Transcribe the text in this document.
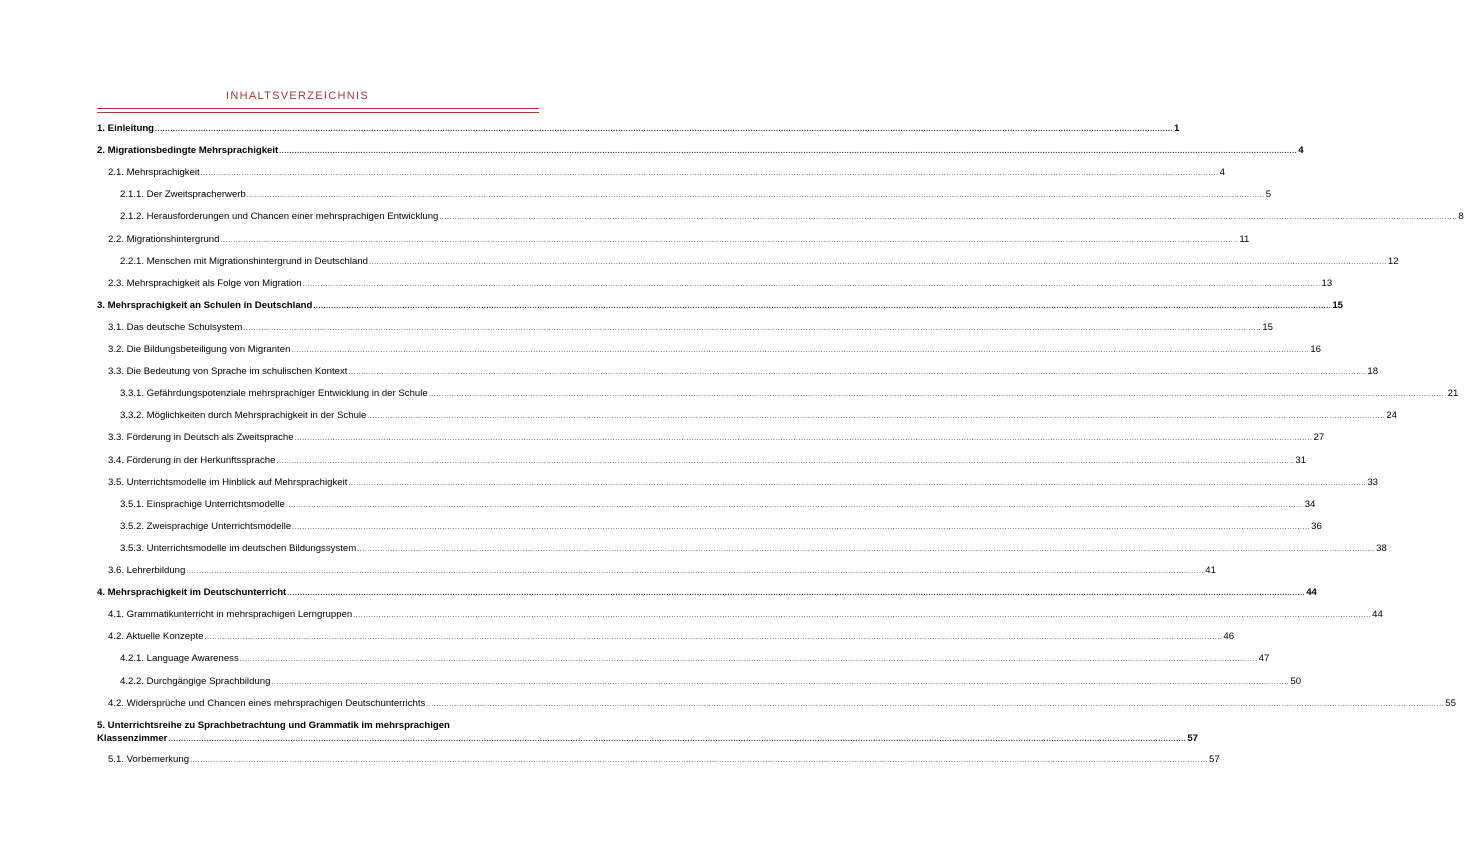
INHALTSVERZEICHNIS
1. Einleitung ................................................................................................................................................................................................................................................................................................................................................................................................................ 1
2. Migrationsbedingte Mehrsprachigkeit ................................................................................................................................................................................................................................................................................................................................................................................................................ 4
2.1. Mehrsprachigkeit ................................................................................................................................................................................................................................................................................................................................................................................................................ 4
2.1.1. Der Zweitspracherwerb ................................................................................................................................................................................................................................................................................................................................................................................................................ 5
2.1.2. Herausforderungen und Chancen einer mehrsprachigen Entwicklung ................................................................................................................................................................................................................................................................................................................................................................................................................ 8
2.2. Migrationshintergrund ................................................................................................................................................................................................................................................................................................................................................................................................................ 11
2.2.1. Menschen mit Migrationshintergrund in Deutschland ................................................................................................................................................................................................................................................................................................................................................................................................................ 12
2.3. Mehrsprachigkeit als Folge von Migration ................................................................................................................................................................................................................................................................................................................................................................................................................ 13
3. Mehrsprachigkeit an Schulen in Deutschland ................................................................................................................................................................................................................................................................................................................................................................................................................ 15
3.1. Das deutsche Schulsystem ................................................................................................................................................................................................................................................................................................................................................................................................................ 15
3.2. Die Bildungsbeteiligung von Migranten ................................................................................................................................................................................................................................................................................................................................................................................................................ 16
3.3. Die Bedeutung von Sprache im schulischen Kontext ................................................................................................................................................................................................................................................................................................................................................................................................................ 18
3.3.1. Gefährdungspotenziale mehrsprachiger Entwicklung in der Schule ................................................................................................................................................................................................................................................................................................................................................................................................................ 21
3.3.2. Möglichkeiten durch Mehrsprachigkeit in der Schule ................................................................................................................................................................................................................................................................................................................................................................................................................ 24
3.3. Förderung in Deutsch als Zweitsprache ................................................................................................................................................................................................................................................................................................................................................................................................................ 27
3.4. Förderung in der Herkunftssprache ................................................................................................................................................................................................................................................................................................................................................................................................................ 31
3.5. Unterrichtsmodelle im Hinblick auf Mehrsprachigkeit ................................................................................................................................................................................................................................................................................................................................................................................................................ 33
3.5.1. Einsprachige Unterrichtsmodelle ................................................................................................................................................................................................................................................................................................................................................................................................................ 34
3.5.2. Zweisprachige Unterrichtsmodelle ................................................................................................................................................................................................................................................................................................................................................................................................................ 36
3.5.3. Unterrichtsmodelle im deutschen Bildungssystem ................................................................................................................................................................................................................................................................................................................................................................................................................ 38
3.6. Lehrerbildung ................................................................................................................................................................................................................................................................................................................................................................................................................ 41
4. Mehrsprachigkeit im Deutschunterricht ................................................................................................................................................................................................................................................................................................................................................................................................................ 44
4.1. Grammatikunterricht in mehrsprachigen Lerngruppen ................................................................................................................................................................................................................................................................................................................................................................................................................ 44
4.2. Aktuelle Konzepte ................................................................................................................................................................................................................................................................................................................................................................................................................ 46
4.2.1. Language Awareness ................................................................................................................................................................................................................................................................................................................................................................................................................ 47
4.2.2. Durchgängige Sprachbildung ................................................................................................................................................................................................................................................................................................................................................................................................................ 50
4.2. Widersprüche und Chancen eines mehrsprachigen Deutschunterrichts ................................................................................................................................................................................................................................................................................................................................................................................................................ 55
5. Unterrichtsreihe zu Sprachbetrachtung und Grammatik im mehrsprachigen
Klassenzimmer ................................................................................................................................................................................................................................................................................................................................................................................................................ 57
5.1. Vorbemerkung ................................................................................................................................................................................................................................................................................................................................................................................................................ 57
